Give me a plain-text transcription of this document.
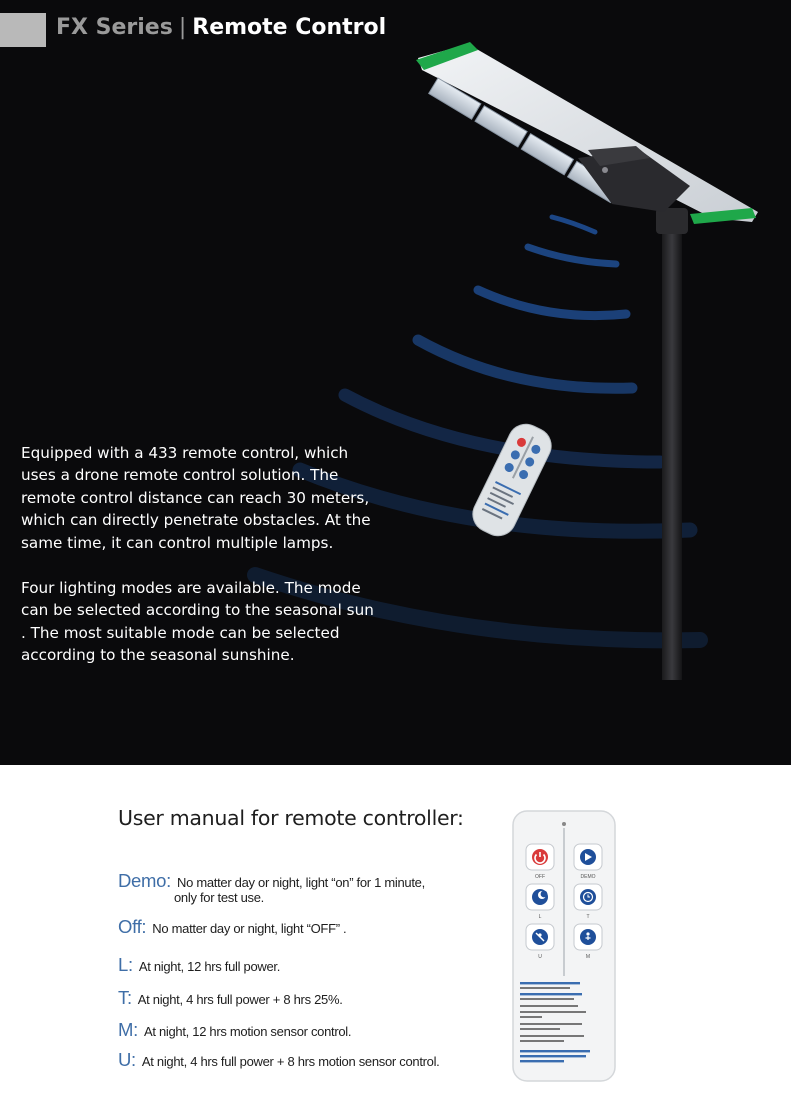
FX Series | Remote Control

Equipped with a 433 remote control, which uses a drone remote control solution. The remote control distance can reach 30 meters, which can directly penetrate obstacles. At the same time, it can control multiple lamps.

Four lighting modes are available. The mode can be selected according to the seasonal sun . The most suitable mode can be selected according to the seasonal sunshine.

User manual for remote controller:
Demo: No matter day or night, light “on” for 1 minute,
only for test use.
Off: No matter day or night, light “OFF” .
L: At night, 12 hrs full power.
T: At night, 4 hrs full power + 8 hrs 25%.
M: At night, 12 hrs motion sensor control.
U: At night, 4 hrs full power + 8 hrs motion sensor control.
OFF	DEMO
L	T
U	M
